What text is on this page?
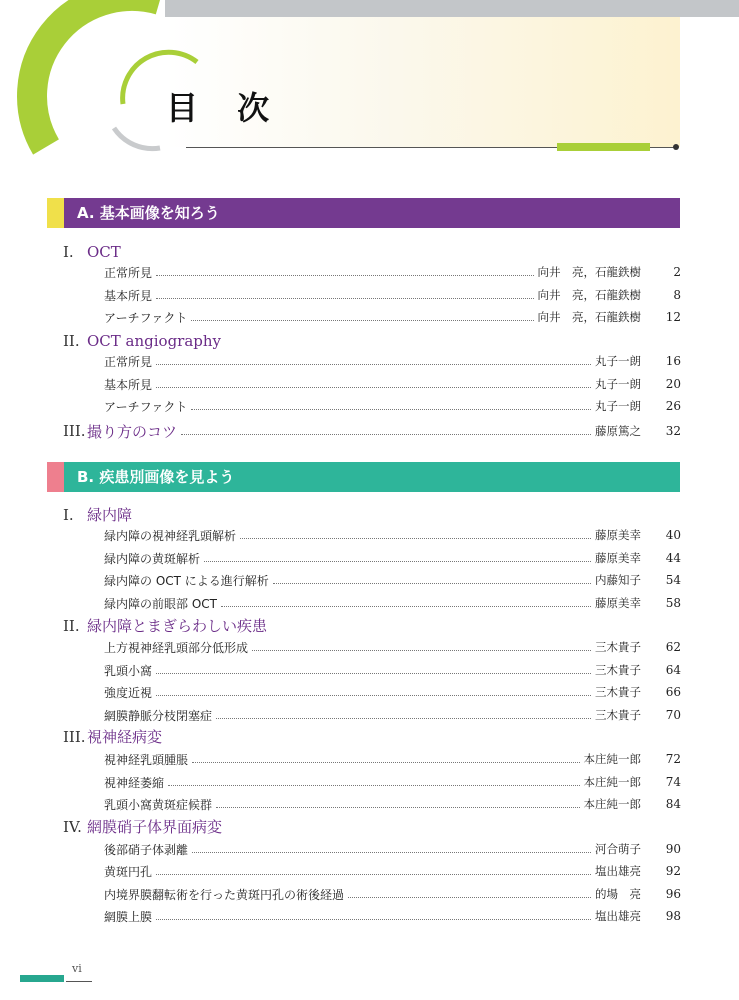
目 次
A. 基本画像を知ろう
I. OCT
正常所見	向井　亮，石龍鉄樹	2
基本所見	向井　亮，石龍鉄樹	8
アーチファクト	向井　亮，石龍鉄樹	12
II. OCT angiography
正常所見	丸子一朗	16
基本所見	丸子一朗	20
アーチファクト	丸子一朗	26
III. 撮り方のコツ	藤原篤之	32
B. 疾患別画像を見よう
I. 緑内障
緑内障の視神経乳頭解析	藤原美幸	40
緑内障の黄斑解析	藤原美幸	44
緑内障の OCT による進行解析	内藤知子	54
緑内障の前眼部 OCT	藤原美幸	58
II. 緑内障とまぎらわしい疾患
上方視神経乳頭部分低形成	三木貴子	62
乳頭小窩	三木貴子	64
強度近視	三木貴子	66
網膜静脈分枝閉塞症	三木貴子	70
III.視神経病変
視神経乳頭腫脹	本庄純一郎	72
視神経萎縮	本庄純一郎	74
乳頭小窩黄斑症候群	本庄純一郎	84
IV. 網膜硝子体界面病変
後部硝子体剥離	河合萌子	90
黄斑円孔	塩出雄亮	92
内境界膜翻転術を行った黄斑円孔の術後経過	的場　亮	96
網膜上膜	塩出雄亮	98
vi
